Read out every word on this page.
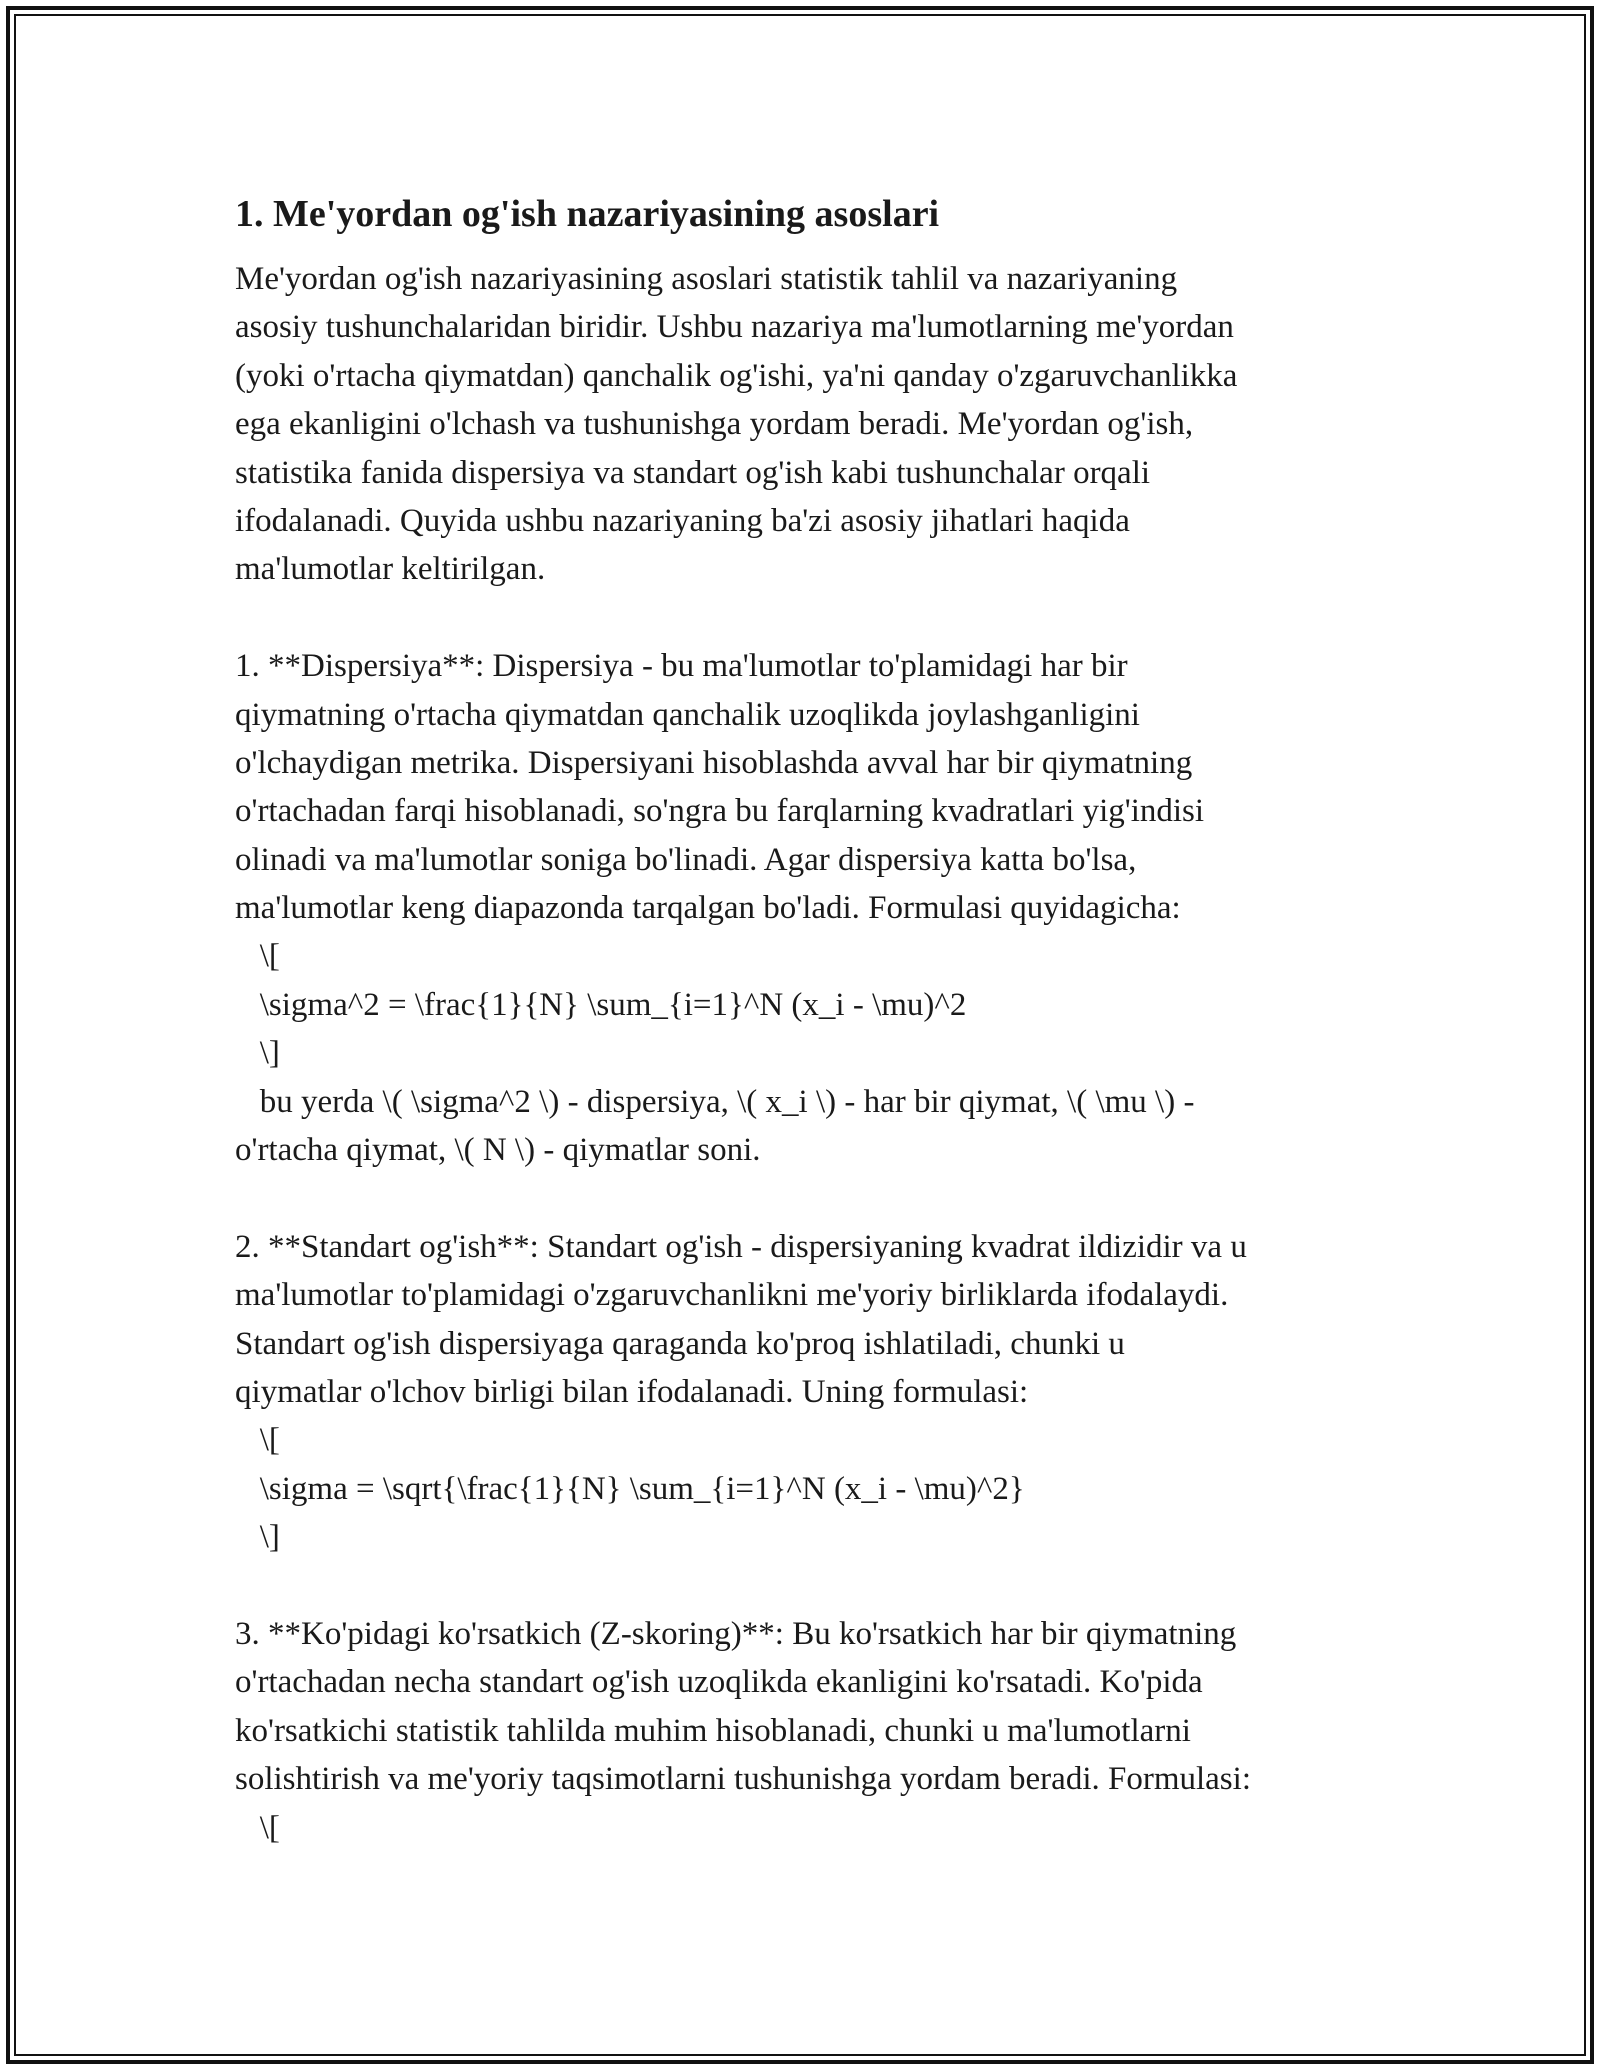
1. Me'yordan og'ish nazariyasining asoslari
Me'yordan og'ish nazariyasining asoslari statistik tahlil va nazariyaning
asosiy tushunchalaridan biridir. Ushbu nazariya ma'lumotlarning me'yordan
(yoki o'rtacha qiymatdan) qanchalik og'ishi, ya'ni qanday o'zgaruvchanlikka
ega ekanligini o'lchash va tushunishga yordam beradi. Me'yordan og'ish,
statistika fanida dispersiya va standart og'ish kabi tushunchalar orqali
ifodalanadi. Quyida ushbu nazariyaning ba'zi asosiy jihatlari haqida
ma'lumotlar keltirilgan.
1. **Dispersiya**: Dispersiya - bu ma'lumotlar to'plamidagi har bir
qiymatning o'rtacha qiymatdan qanchalik uzoqlikda joylashganligini
o'lchaydigan metrika. Dispersiyani hisoblashda avval har bir qiymatning
o'rtachadan farqi hisoblanadi, so'ngra bu farqlarning kvadratlari yig'indisi
olinadi va ma'lumotlar soniga bo'linadi. Agar dispersiya katta bo'lsa,
ma'lumotlar keng diapazonda tarqalgan bo'ladi. Formulasi quyidagicha:
\[
\sigma^2 = \frac{1}{N} \sum_{i=1}^N (x_i - \mu)^2
\]
bu yerda \( \sigma^2 \) - dispersiya, \( x_i \) - har bir qiymat, \( \mu \) -
o'rtacha qiymat, \( N \) - qiymatlar soni.
2. **Standart og'ish**: Standart og'ish - dispersiyaning kvadrat ildizidir va u
ma'lumotlar to'plamidagi o'zgaruvchanlikni me'yoriy birliklarda ifodalaydi.
Standart og'ish dispersiyaga qaraganda ko'proq ishlatiladi, chunki u
qiymatlar o'lchov birligi bilan ifodalanadi. Uning formulasi:
\[
\sigma = \sqrt{\frac{1}{N} \sum_{i=1}^N (x_i - \mu)^2}
\]
3. **Ko'pidagi ko'rsatkich (Z-skoring)**: Bu ko'rsatkich har bir qiymatning
o'rtachadan necha standart og'ish uzoqlikda ekanligini ko'rsatadi. Ko'pida
ko'rsatkichi statistik tahlilda muhim hisoblanadi, chunki u ma'lumotlarni
solishtirish va me'yoriy taqsimotlarni tushunishga yordam beradi. Formulasi:
\[
